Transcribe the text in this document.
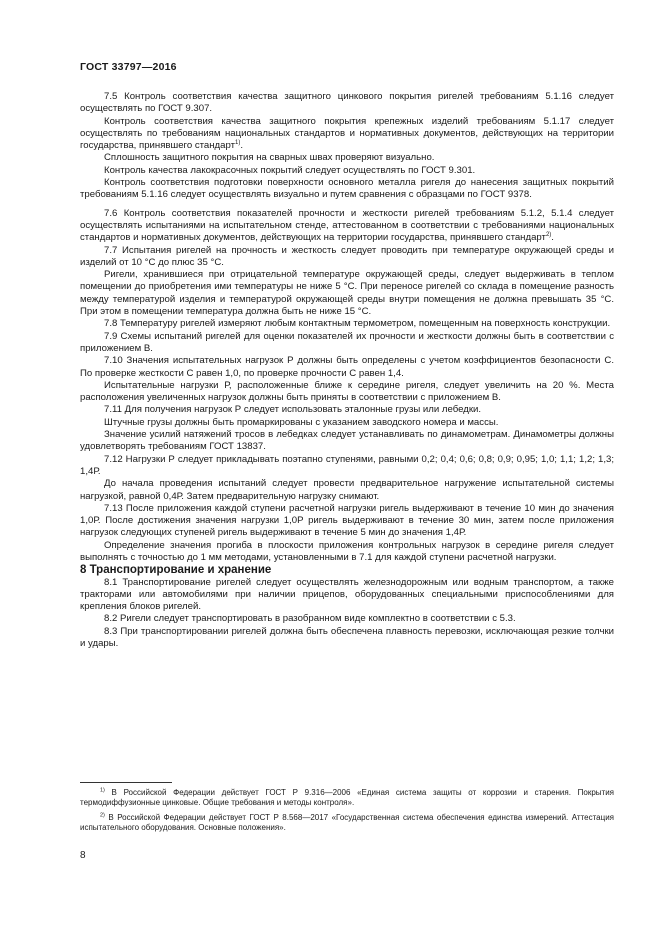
ГОСТ 33797—2016

7.5 Контроль соответствия качества защитного цинкового покрытия ригелей требованиям 5.1.16 следует осуществлять по ГОСТ 9.307.

Контроль соответствия качества защитного покрытия крепежных изделий требованиям 5.1.17 следует осуществлять по требованиям национальных стандартов и нормативных документов, действующих на территории государства, принявшего стандарт$^{1)}$.

Сплошность защитного покрытия на сварных швах проверяют визуально.

Контроль качества лакокрасочных покрытий следует осуществлять по ГОСТ 9.301.

Контроль соответствия подготовки поверхности основного металла ригеля до нанесения защитных покрытий требованиям 5.1.16 следует осуществлять визуально и путем сравнения с образцами по ГОСТ 9378.

7.6 Контроль соответствия показателей прочности и жесткости ригелей требованиям 5.1.2, 5.1.4 следует осуществлять испытаниями на испытательном стенде, аттестованном в соответствии с требованиями национальных стандартов и нормативных документов, действующих на территории государства, принявшего стандарт$^{2)}$.

7.7 Испытания ригелей на прочность и жесткость следует проводить при температуре окружающей среды и изделий от 10 °С до плюс 35 °С.

Ригели, хранившиеся при отрицательной температуре окружающей среды, следует выдерживать в теплом помещении до приобретения ими температуры не ниже 5 °С. При переносе ригелей со склада в помещение разность между температурой изделия и температурой окружающей среды внутри помещения не должна превышать 35 °С. При этом в помещении температура должна быть не ниже 15 °С.

7.8 Температуру ригелей измеряют любым контактным термометром, помещенным на поверхность конструкции.

7.9 Схемы испытаний ригелей для оценки показателей их прочности и жесткости должны быть в соответствии с приложением В.

7.10 Значения испытательных нагрузок Р должны быть определены с учетом коэффициентов безопасности С. По проверке жесткости С равен 1,0, по проверке прочности С равен 1,4.

Испытательные нагрузки Р, расположенные ближе к середине ригеля, следует увеличить на 20 %. Места расположения увеличенных нагрузок должны быть приняты в соответствии с приложением В.

7.11 Для получения нагрузок Р следует использовать эталонные грузы или лебедки.

Штучные грузы должны быть промаркированы с указанием заводского номера и массы.

Значение усилий натяжений тросов в лебедках следует устанавливать по динамометрам. Динамометры должны удовлетворять требованиям ГОСТ 13837.

7.12 Нагрузки Р следует прикладывать поэтапно ступенями, равными 0,2; 0,4; 0,6; 0,8; 0,9; 0,95; 1,0; 1,1; 1,2; 1,3; 1,4Р.

До начала проведения испытаний следует провести предварительное нагружение испытательной системы нагрузкой, равной 0,4Р. Затем предварительную нагрузку снимают.

7.13 После приложения каждой ступени расчетной нагрузки ригель выдерживают в течение 10 мин до значения 1,0Р. После достижения значения нагрузки 1,0Р ригель выдерживают в течение 30 мин, затем после приложения нагрузок следующих ступеней ригель выдерживают в течение 5 мин до значения 1,4Р.

Определение значения прогиба в плоскости приложения контрольных нагрузок в середине ригеля следует выполнять с точностью до 1 мм методами, установленными в 7.1 для каждой ступени расчетной нагрузки.

8 Транспортирование и хранение

8.1 Транспортирование ригелей следует осуществлять железнодорожным или водным транспортом, а также тракторами или автомобилями при наличии прицепов, оборудованных специальными приспособлениями для крепления блоков ригелей.

8.2 Ригели следует транспортировать в разобранном виде комплектно в соответствии с 5.3.

8.3 При транспортировании ригелей должна быть обеспечена плавность перевозки, исключающая резкие толчки и удары.

$^{1)}$ В Российской Федерации действует ГОСТ Р 9.316—2006 «Единая система защиты от коррозии и старения. Покрытия термодиффузионные цинковые. Общие требования и методы контроля».

$^{2)}$ В Российской Федерации действует ГОСТ Р 8.568—2017 «Государственная система обеспечения единства измерений. Аттестация испытательного оборудования. Основные положения».

8
